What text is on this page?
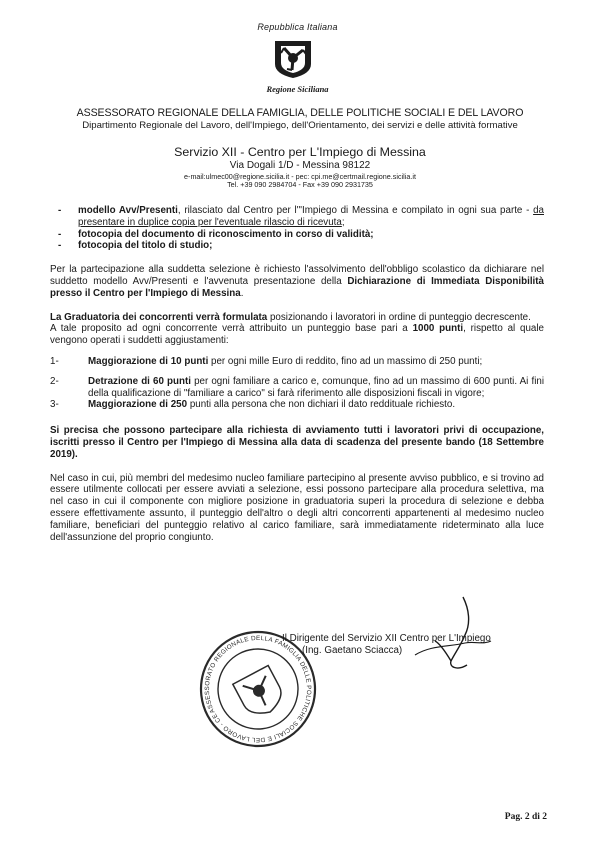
Repubblica Italiana
Regione Siciliana
ASSESSORATO REGIONALE DELLA FAMIGLIA, DELLE POLITICHE SOCIALI E DEL LAVORO
Dipartimento Regionale del Lavoro, dell'Impiego, dell'Orientamento, dei servizi e delle attività formative
Servizio XII - Centro per L'Impiego di Messina
Via Dogali 1/D - Messina 98122
e-mail:ulmec00@regione.sicilia.it - pec: cpi.me@certmail.regione.sicilia.it
Tel. +39 090 2984704 - Fax +39 090 2931735
- modello Avv/Presenti, rilasciato dal Centro per l'"Impiego di Messina e compilato in ogni sua parte - da presentare in duplice copia per l'eventuale rilascio di ricevuta;
- fotocopia del documento di riconoscimento in corso di validità;
- fotocopia del titolo di studio;

Per la partecipazione alla suddetta selezione è richiesto l'assolvimento dell'obbligo scolastico da dichiarare nel suddetto modello Avv/Presenti e l'avvenuta presentazione della Dichiarazione di Immediata Disponibilità presso il Centro per l'Impiego di Messina.

La Graduatoria dei concorrenti verrà formulata posizionando i lavoratori in ordine di punteggio decrescente.

A tale proposito ad ogni concorrente verrà attribuito un punteggio base pari a 1000 punti, rispetto al quale vengono operati i suddetti aggiustamenti:

1-	Maggiorazione di 10 punti per ogni mille Euro di reddito, fino ad un massimo di 250 punti;
2-	Detrazione di 60 punti per ogni familiare a carico e, comunque, fino ad un massimo di 600 punti. Ai fini della qualificazione di "familiare a carico" si farà riferimento alle disposizioni fiscali in vigore;
3-	Maggiorazione di 250 punti alla persona che non dichiari il dato reddituale richiesto.

Si precisa che possono partecipare alla richiesta di avviamento tutti i lavoratori privi di occupazione, iscritti presso il Centro per l'Impiego di Messina alla data di scadenza del presente bando (18 Settembre 2019).

Nel caso in cui, più membri del medesimo nucleo familiare partecipino al presente avviso pubblico, e si trovino ad essere utilmente collocati per essere avviati a selezione, essi possono partecipare alla procedura selettiva, ma nel caso in cui il componente con migliore posizione in graduatoria superi la procedura di selezione e debba essere effettivamente assunto, il punteggio dell'altro o degli altri concorrenti appartenenti al medesimo nucleo familiare, beneficiari del punteggio relativo al carico familiare, sarà immediatamente rideterminato alla luce dell'assunzione del proprio congiunto.

ASSESSORATO REGIONALE DELLA FAMIGLIA DELLE POLITICHE SOCIALI E DEL LAVORO - CENTRO
Il Dirigente del Servizio XII Centro per L'Impiego
(Ing. Gaetano Sciacca)
Pag. 2 di 2
